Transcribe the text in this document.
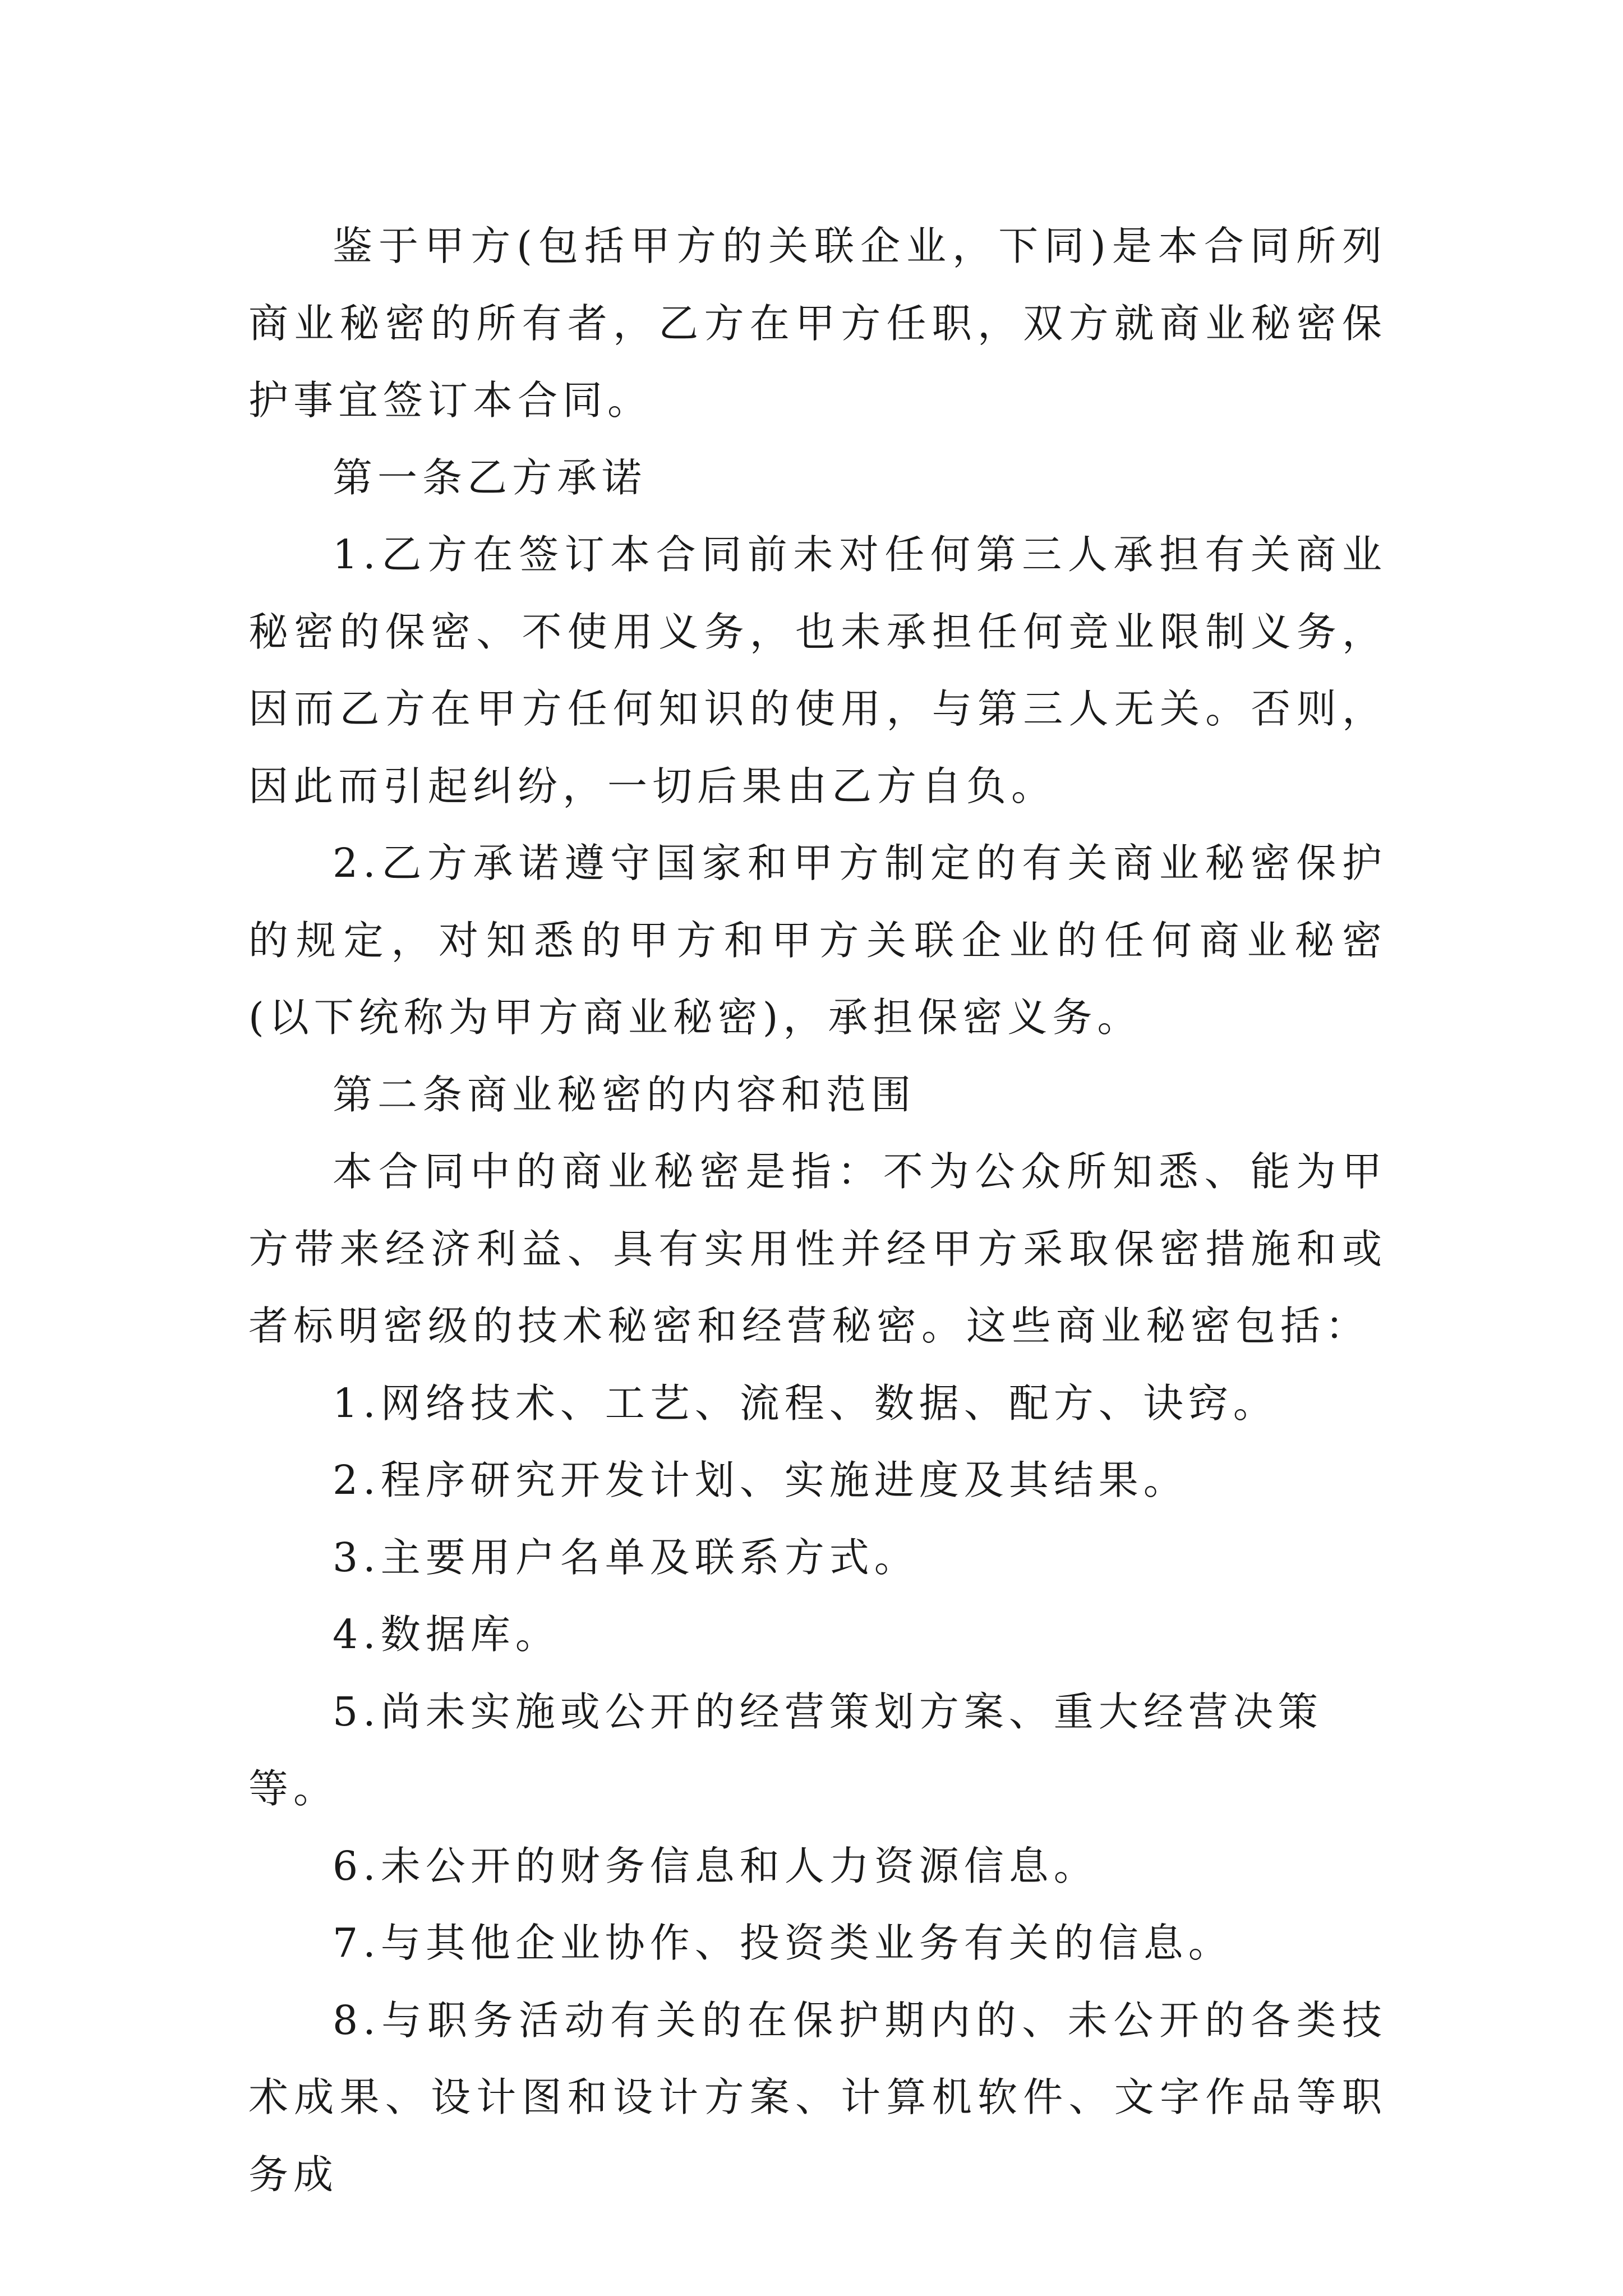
鉴于甲方(包括甲方的关联企业，下同)是本合同所列商业秘密的所有者，乙方在甲方任职，双方就商业秘密保护事宜签订本合同。

第一条乙方承诺

1.乙方在签订本合同前未对任何第三人承担有关商业秘密的保密、不使用义务，也未承担任何竞业限制义务，因而乙方在甲方任何知识的使用，与第三人无关。否则，因此而引起纠纷，一切后果由乙方自负。

2.乙方承诺遵守国家和甲方制定的有关商业秘密保护的规定，对知悉的甲方和甲方关联企业的任何商业秘密(以下统称为甲方商业秘密)，承担保密义务。

第二条商业秘密的内容和范围

本合同中的商业秘密是指：不为公众所知悉、能为甲方带来经济利益、具有实用性并经甲方采取保密措施和或者标明密级的技术秘密和经营秘密。这些商业秘密包括：

1.网络技术、工艺、流程、数据、配方、诀窍。

2.程序研究开发计划、实施进度及其结果。

3.主要用户名单及联系方式。

4.数据库。

5.尚未实施或公开的经营策划方案、重大经营决策等。

6.未公开的财务信息和人力资源信息。

7.与其他企业协作、投资类业务有关的信息。

8.与职务活动有关的在保护期内的、未公开的各类技术成果、设计图和设计方案、计算机软件、文字作品等职务成
